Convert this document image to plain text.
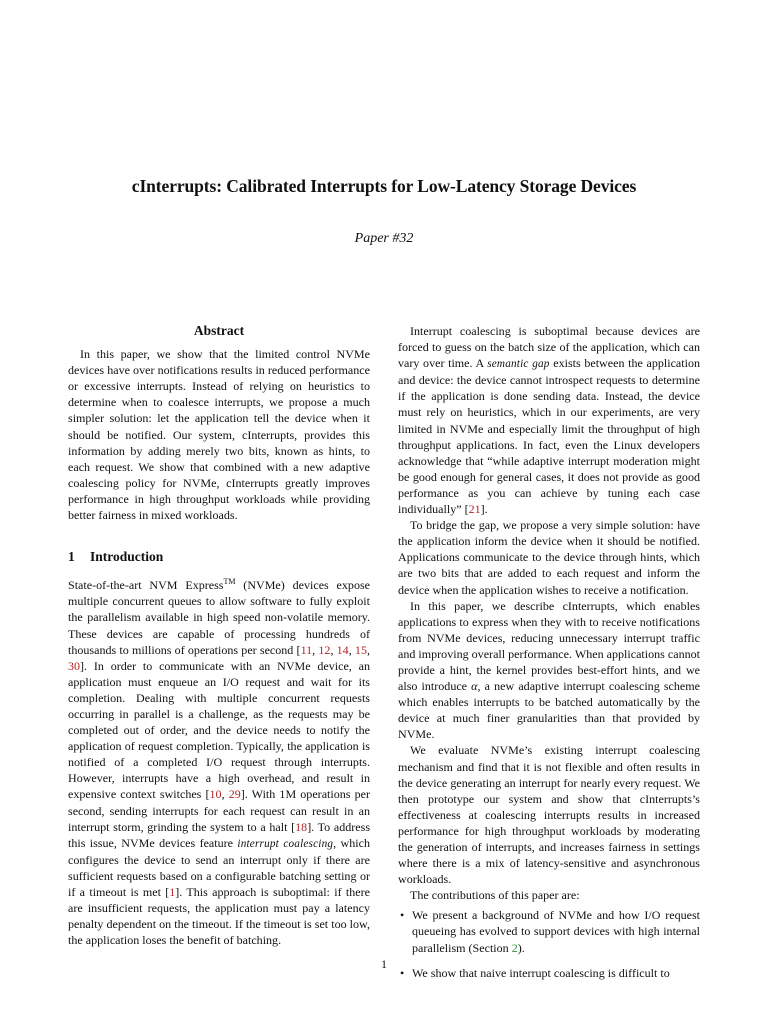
cInterrupts: Calibrated Interrupts for Low-Latency Storage Devices
Paper #32
Abstract

In this paper, we show that the limited control NVMe devices have over notifications results in reduced performance or excessive interrupts. Instead of relying on heuristics to determine when to coalesce interrupts, we propose a much simpler solution: let the application tell the device when it should be notified. Our system, cInterrupts, provides this information by adding merely two bits, known as hints, to each request. We show that combined with a new adaptive coalescing policy for NVMe, cInterrupts greatly improves performance in high throughput workloads while providing better fairness in mixed workloads.

1 Introduction

State-of-the-art NVM Express™ (NVMe) devices expose multiple concurrent queues to allow software to fully exploit the parallelism available in high speed non-volatile memory. These devices are capable of processing hundreds of thousands to millions of operations per second [11, 12, 14, 15, 30]. In order to communicate with an NVMe device, an application must enqueue an I/O request and wait for its completion. Dealing with multiple concurrent requests occurring in parallel is a challenge, as the requests may be completed out of order, and the device needs to notify the application of request completion. Typically, the application is notified of a completed I/O request through interrupts. However, interrupts have a high overhead, and result in expensive context switches [10, 29]. With 1M operations per second, sending interrupts for each request can result in an interrupt storm, grinding the system to a halt [18]. To address this issue, NVMe devices feature interrupt coalescing, which configures the device to send an interrupt only if there are sufficient requests based on a configurable batching setting or if a timeout is met [1]. This approach is suboptimal: if there are insufficient requests, the application must pay a latency penalty dependent on the timeout. If the timeout is set too low, the application loses the benefit of batching.

Interrupt coalescing is suboptimal because devices are forced to guess on the batch size of the application, which can vary over time. A semantic gap exists between the application and device: the device cannot introspect requests to determine if the application is done sending data. Instead, the device must rely on heuristics, which in our experiments, are very limited in NVMe and especially limit the throughput of high throughput applications. In fact, even the Linux developers acknowledge that “while adaptive interrupt moderation might be good enough for general cases, it does not provide as good performance as you can achieve by tuning each case individually” [21].

To bridge the gap, we propose a very simple solution: have the application inform the device when it should be notified. Applications communicate to the device through hints, which are two bits that are added to each request and inform the device when the application wishes to receive a notification.

In this paper, we describe cInterrupts, which enables applications to express when they with to receive notifications from NVMe devices, reducing unnecessary interrupt traffic and improving overall performance. When applications cannot provide a hint, the kernel provides best-effort hints, and we also introduce α, a new adaptive interrupt coalescing scheme which enables interrupts to be batched automatically by the device at much finer granularities than that provided by NVMe.

We evaluate NVMe’s existing interrupt coalescing mechanism and find that it is not flexible and often results in the device generating an interrupt for nearly every request. We then prototype our system and show that cInterrupts’s effectiveness at coalescing interrupts results in increased performance for high throughput workloads by moderating the generation of interrupts, and increases fairness in settings where there is a mix of latency-sensitive and asynchronous workloads.

The contributions of this paper are:

• We present a background of NVMe and how I/O request queueing has evolved to support devices with high internal parallelism (Section 2).
• We show that naive interrupt coalescing is difficult to
1
